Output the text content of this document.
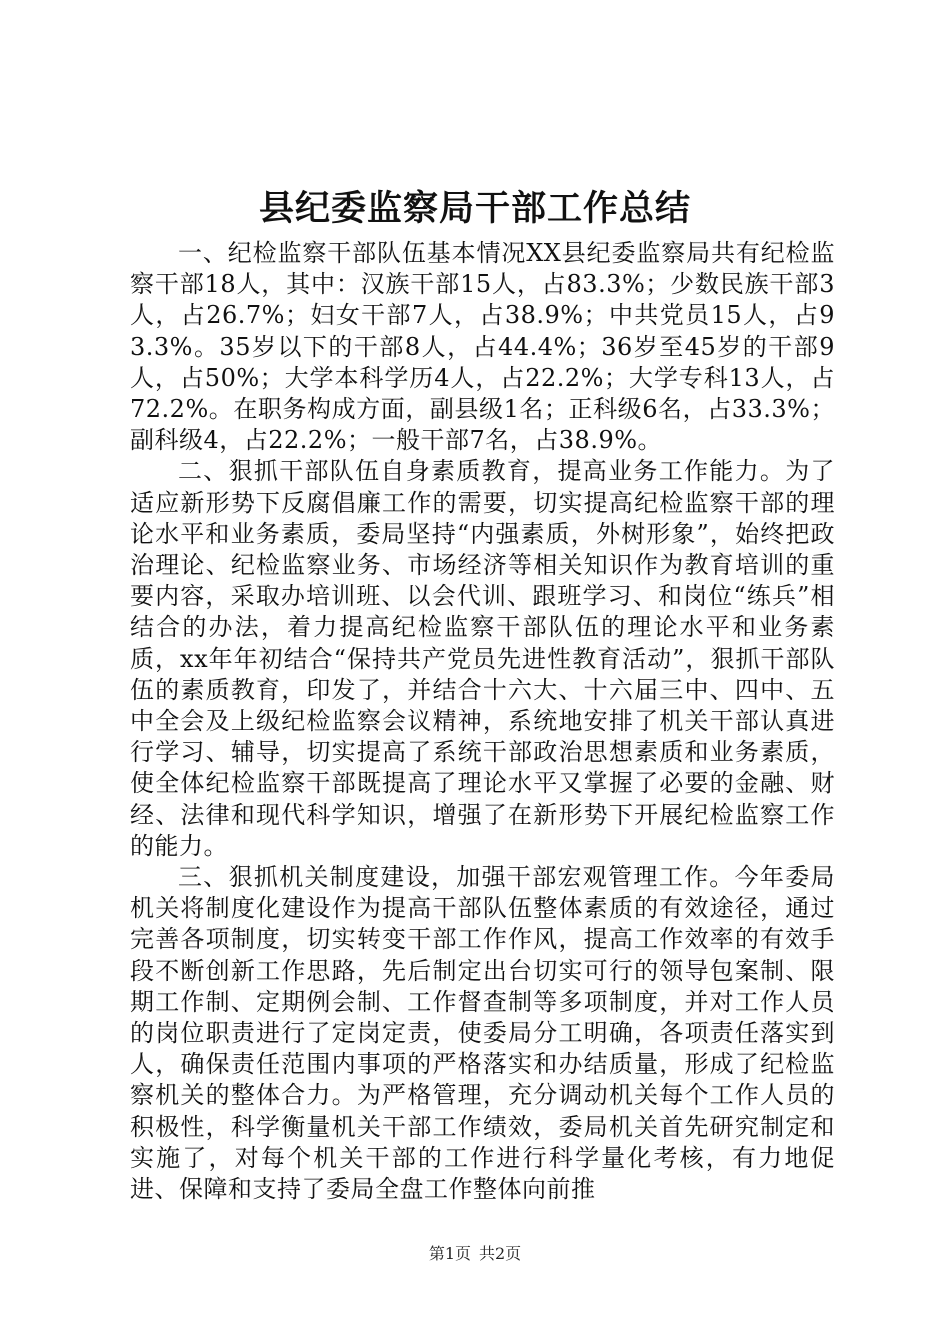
县纪委监察局干部工作总结

一、纪检监察干部队伍基本情况XX县纪委监察局共有纪检监察干部18人，其中：汉族干部15人，占83.3%；少数民族干部3人，占26.7%；妇女干部7人，占38.9%；中共党员15人，占93.3%。35岁以下的干部8人，占44.4%；36岁至45岁的干部9人，占50%；大学本科学历4人，占22.2%；大学专科13人，占72.2%。在职务构成方面，副县级1名；正科级6名，占33.3%；副科级4，占22.2%；一般干部7名，占38.9%。

二、狠抓干部队伍自身素质教育，提高业务工作能力。为了适应新形势下反腐倡廉工作的需要，切实提高纪检监察干部的理论水平和业务素质，委局坚持“内强素质，外树形象”，始终把政治理论、纪检监察业务、市场经济等相关知识作为教育培训的重要内容，采取办培训班、以会代训、跟班学习、和岗位“练兵”相结合的办法，着力提高纪检监察干部队伍的理论水平和业务素质，xx年年初结合“保持共产党员先进性教育活动”，狠抓干部队伍的素质教育，印发了，并结合十六大、十六届三中、四中、五中全会及上级纪检监察会议精神，系统地安排了机关干部认真进行学习、辅导，切实提高了系统干部政治思想素质和业务素质，使全体纪检监察干部既提高了理论水平又掌握了必要的金融、财经、法律和现代科学知识，增强了在新形势下开展纪检监察工作的能力。

三、狠抓机关制度建设，加强干部宏观管理工作。今年委局机关将制度化建设作为提高干部队伍整体素质的有效途径，通过完善各项制度，切实转变干部工作作风，提高工作效率的有效手段不断创新工作思路，先后制定出台切实可行的领导包案制、限期工作制、定期例会制、工作督查制等多项制度，并对工作人员的岗位职责进行了定岗定责，使委局分工明确，各项责任落实到人，确保责任范围内事项的严格落实和办结质量，形成了纪检监察机关的整体合力。为严格管理，充分调动机关每个工作人员的积极性，科学衡量机关干部工作绩效，委局机关首先研究制定和实施了，对每个机关干部的工作进行科学量化考核，有力地促进、保障和支持了委局全盘工作整体向前推

第1页 共2页
